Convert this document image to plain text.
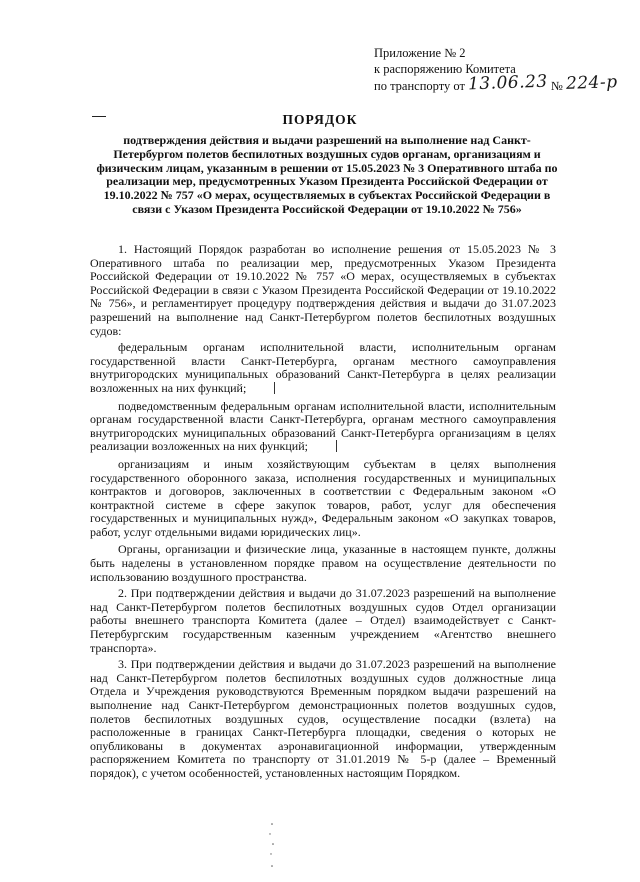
Приложение № 2
к распоряжению Комитета
по транспорту от 13.06.23 № 224-р
ПОРЯДОК
подтверждения действия и выдачи разрешений на выполнение над Санкт-Петербургом полетов беспилотных воздушных судов органам, организациям и физическим лицам, указанным в решении от 15.05.2023 № 3 Оперативного штаба по реализации мер, предусмотренных Указом Президента Российской Федерации от 19.10.2022 № 757 «О мерах, осуществляемых в субъектах Российской Федерации в связи с Указом Президента Российской Федерации от 19.10.2022 № 756»

1. Настоящий Порядок разработан во исполнение решения от 15.05.2023 № 3 Оперативного штаба по реализации мер, предусмотренных Указом Президента Российской Федерации от 19.10.2022 № 757 «О мерах, осуществляемых в субъектах Российской Федерации в связи с Указом Президента Российской Федерации от 19.10.2022 № 756», и регламентирует процедуру подтверждения действия и выдачи до 31.07.2023 разрешений на выполнение над Санкт-Петербургом полетов беспилотных воздушных судов:

федеральным органам исполнительной власти, исполнительным органам государственной власти Санкт-Петербурга, органам местного самоуправления внутригородских муниципальных образований Санкт-Петербурга в целях реализации возложенных на них функций;

подведомственным федеральным органам исполнительной власти, исполнительным органам государственной власти Санкт-Петербурга, органам местного самоуправления внутригородских муниципальных образований Санкт-Петербурга организациям в целях реализации возложенных на них функций;

организациям и иным хозяйствующим субъектам в целях выполнения государственного оборонного заказа, исполнения государственных и муниципальных контрактов и договоров, заключенных в соответствии с Федеральным законом «О контрактной системе в сфере закупок товаров, работ, услуг для обеспечения государственных и муниципальных нужд», Федеральным законом «О закупках товаров, работ, услуг отдельными видами юридических лиц».

Органы, организации и физические лица, указанные в настоящем пункте, должны быть наделены в установленном порядке правом на осуществление деятельности по использованию воздушного пространства.

2. При подтверждении действия и выдачи до 31.07.2023 разрешений на выполнение над Санкт-Петербургом полетов беспилотных воздушных судов Отдел организации работы внешнего транспорта Комитета (далее – Отдел) взаимодействует с Санкт-Петербургским государственным казенным учреждением «Агентство внешнего транспорта».

3. При подтверждении действия и выдачи до 31.07.2023 разрешений на выполнение над Санкт-Петербургом полетов беспилотных воздушных судов должностные лица Отдела и Учреждения руководствуются Временным порядком выдачи разрешений на выполнение над Санкт-Петербургом демонстрационных полетов воздушных судов, полетов беспилотных воздушных судов, осуществление посадки (взлета) на расположенные в границах Санкт-Петербурга площадки, сведения о которых не опубликованы в документах аэронавигационной информации, утвержденным распоряжением Комитета по транспорту от 31.01.2019 № 5-р (далее – Временный порядок), с учетом особенностей, установленных настоящим Порядком.
